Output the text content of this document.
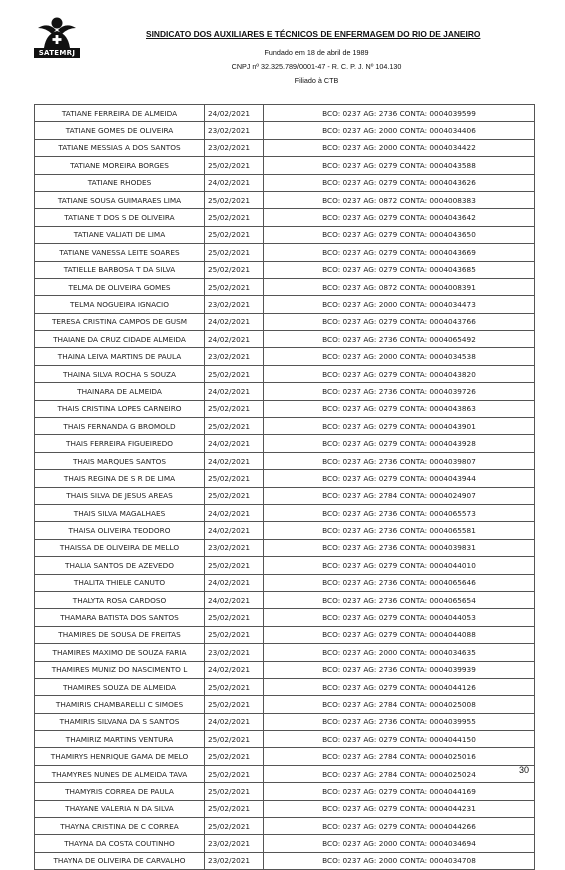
SATEMRJ
SINDICATO DOS AUXILIARES E TÉCNICOS DE ENFERMAGEM DO RIO DE JANEIRO
Fundado em 18 de abril de 1989
CNPJ nº 32.325.789/0001-47 - R. C. P. J. Nº 104.130
Filiado à CTB
TATIANE FERREIRA DE ALMEIDA	24/02/2021	BCO: 0237 AG: 2736 CONTA: 0004039599
TATIANE GOMES DE OLIVEIRA	23/02/2021	BCO: 0237 AG: 2000 CONTA: 0004034406
TATIANE MESSIAS A DOS SANTOS	23/02/2021	BCO: 0237 AG: 2000 CONTA: 0004034422
TATIANE MOREIRA BORGES	25/02/2021	BCO: 0237 AG: 0279 CONTA: 0004043588
TATIANE RHODES	24/02/2021	BCO: 0237 AG: 0279 CONTA: 0004043626
TATIANE SOUSA GUIMARAES LIMA	25/02/2021	BCO: 0237 AG: 0872 CONTA: 0004008383
TATIANE T DOS S DE OLIVEIRA	25/02/2021	BCO: 0237 AG: 0279 CONTA: 0004043642
TATIANE VALIATI DE LIMA	25/02/2021	BCO: 0237 AG: 0279 CONTA: 0004043650
TATIANE VANESSA LEITE SOARES	25/02/2021	BCO: 0237 AG: 0279 CONTA: 0004043669
TATIELLE BARBOSA T DA SILVA	25/02/2021	BCO: 0237 AG: 0279 CONTA: 0004043685
TELMA DE OLIVEIRA GOMES	25/02/2021	BCO: 0237 AG: 0872 CONTA: 0004008391
TELMA NOGUEIRA IGNACIO	23/02/2021	BCO: 0237 AG: 2000 CONTA: 0004034473
TERESA CRISTINA CAMPOS DE GUSM	24/02/2021	BCO: 0237 AG: 0279 CONTA: 0004043766
THAIANE DA CRUZ CIDADE ALMEIDA	24/02/2021	BCO: 0237 AG: 2736 CONTA: 0004065492
THAINA LEIVA MARTINS DE PAULA	23/02/2021	BCO: 0237 AG: 2000 CONTA: 0004034538
THAINA SILVA ROCHA S SOUZA	25/02/2021	BCO: 0237 AG: 0279 CONTA: 0004043820
THAINARA DE ALMEIDA	24/02/2021	BCO: 0237 AG: 2736 CONTA: 0004039726
THAIS CRISTINA LOPES CARNEIRO	25/02/2021	BCO: 0237 AG: 0279 CONTA: 0004043863
THAIS FERNANDA G BROMOLD	25/02/2021	BCO: 0237 AG: 0279 CONTA: 0004043901
THAIS FERREIRA FIGUEIREDO	24/02/2021	BCO: 0237 AG: 0279 CONTA: 0004043928
THAIS MARQUES SANTOS	24/02/2021	BCO: 0237 AG: 2736 CONTA: 0004039807
THAIS REGINA DE S R DE LIMA	25/02/2021	BCO: 0237 AG: 0279 CONTA: 0004043944
THAIS SILVA DE JESUS AREAS	25/02/2021	BCO: 0237 AG: 2784 CONTA: 0004024907
THAIS SILVA MAGALHAES	24/02/2021	BCO: 0237 AG: 2736 CONTA: 0004065573
THAISA OLIVEIRA TEODORO	24/02/2021	BCO: 0237 AG: 2736 CONTA: 0004065581
THAISSA DE OLIVEIRA DE MELLO	23/02/2021	BCO: 0237 AG: 2736 CONTA: 0004039831
THALIA SANTOS DE AZEVEDO	25/02/2021	BCO: 0237 AG: 0279 CONTA: 0004044010
THALITA THIELE CANUTO	24/02/2021	BCO: 0237 AG: 2736 CONTA: 0004065646
THALYTA ROSA CARDOSO	24/02/2021	BCO: 0237 AG: 2736 CONTA: 0004065654
THAMARA BATISTA DOS SANTOS	25/02/2021	BCO: 0237 AG: 0279 CONTA: 0004044053
THAMIRES DE SOUSA DE FREITAS	25/02/2021	BCO: 0237 AG: 0279 CONTA: 0004044088
THAMIRES MAXIMO DE SOUZA FARIA	23/02/2021	BCO: 0237 AG: 2000 CONTA: 0004034635
THAMIRES MUNIZ DO NASCIMENTO L	24/02/2021	BCO: 0237 AG: 2736 CONTA: 0004039939
THAMIRES SOUZA DE ALMEIDA	25/02/2021	BCO: 0237 AG: 0279 CONTA: 0004044126
THAMIRIS CHAMBARELLI C SIMOES	25/02/2021	BCO: 0237 AG: 2784 CONTA: 0004025008
THAMIRIS SILVANA DA S SANTOS	24/02/2021	BCO: 0237 AG: 2736 CONTA: 0004039955
THAMIRIZ MARTINS VENTURA	25/02/2021	BCO: 0237 AG: 0279 CONTA: 0004044150
THAMIRYS HENRIQUE GAMA DE MELO	25/02/2021	BCO: 0237 AG: 2784 CONTA: 0004025016
THAMYRES NUNES DE ALMEIDA TAVA	25/02/2021	BCO: 0237 AG: 2784 CONTA: 0004025024
THAMYRIS CORREA DE PAULA	25/02/2021	BCO: 0237 AG: 0279 CONTA: 0004044169
THAYANE VALERIA N DA SILVA	25/02/2021	BCO: 0237 AG: 0279 CONTA: 0004044231
THAYNA CRISTINA DE C CORREA	25/02/2021	BCO: 0237 AG: 0279 CONTA: 0004044266
THAYNA DA COSTA COUTINHO	23/02/2021	BCO: 0237 AG: 2000 CONTA: 0004034694
THAYNA DE OLIVEIRA DE CARVALHO	23/02/2021	BCO: 0237 AG: 2000 CONTA: 0004034708
30
